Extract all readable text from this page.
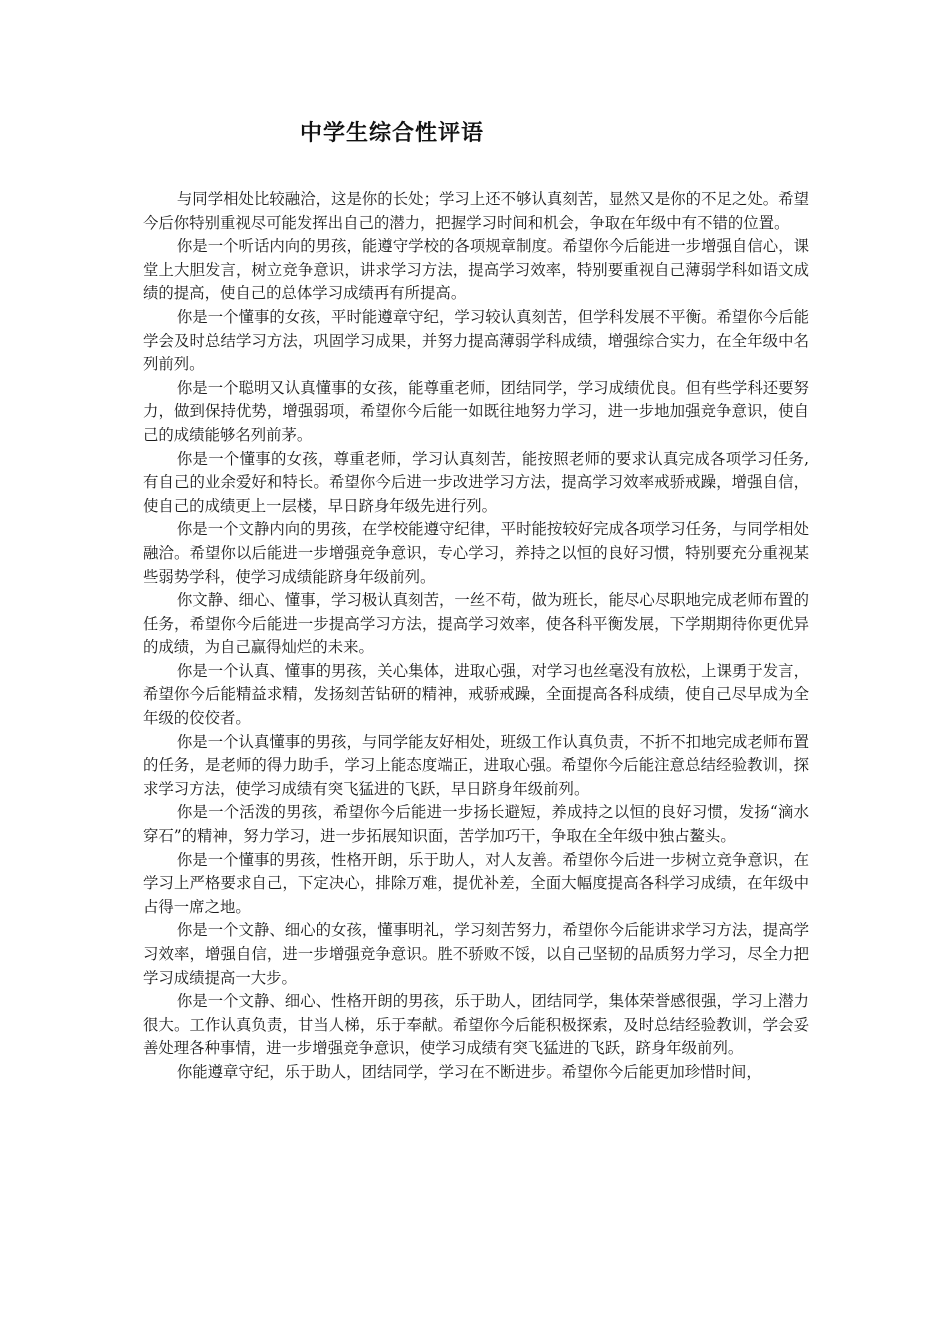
中学生综合性评语

与同学相处比较融洽，这是你的长处；学习上还不够认真刻苦，显然又是你的不足之处。希望今后你特别重视尽可能发挥出自己的潜力，把握学习时间和机会，争取在年级中有不错的位置。

你是一个听话内向的男孩，能遵守学校的各项规章制度。希望你今后能进一步增强自信心，课堂上大胆发言，树立竞争意识，讲求学习方法，提高学习效率，特别要重视自己薄弱学科如语文成绩的提高，使自己的总体学习成绩再有所提高。

你是一个懂事的女孩，平时能遵章守纪，学习较认真刻苦，但学科发展不平衡。希望你今后能学会及时总结学习方法，巩固学习成果，并努力提高薄弱学科成绩，增强综合实力，在全年级中名列前列。

你是一个聪明又认真懂事的女孩，能尊重老师，团结同学，学习成绩优良。但有些学科还要努力，做到保持优势，增强弱项，希望你今后能一如既往地努力学习，进一步地加强竞争意识，使自己的成绩能够名列前茅。

你是一个懂事的女孩，尊重老师，学习认真刻苦，能按照老师的要求认真完成各项学习任务,有自己的业余爱好和特长。希望你今后进一步改进学习方法，提高学习效率戒骄戒躁，增强自信，使自己的成绩更上一层楼，早日跻身年级先进行列。

你是一个文静内向的男孩，在学校能遵守纪律，平时能按较好完成各项学习任务，与同学相处融洽。希望你以后能进一步增强竞争意识，专心学习，养持之以恒的良好习惯，特别要充分重视某些弱势学科，使学习成绩能跻身年级前列。

你文静、细心、懂事，学习极认真刻苦，一丝不苟，做为班长，能尽心尽职地完成老师布置的任务，希望你今后能进一步提高学习方法，提高学习效率，使各科平衡发展，下学期期待你更优异的成绩，为自己赢得灿烂的未来。

你是一个认真、懂事的男孩，关心集体，进取心强，对学习也丝毫没有放松，上课勇于发言，希望你今后能精益求精，发扬刻苦钻研的精神，戒骄戒躁，全面提高各科成绩，使自己尽早成为全年级的佼佼者。

你是一个认真懂事的男孩，与同学能友好相处，班级工作认真负责，不折不扣地完成老师布置的任务，是老师的得力助手，学习上能态度端正，进取心强。希望你今后能注意总结经验教训，探求学习方法，使学习成绩有突飞猛进的飞跃，早日跻身年级前列。

你是一个活泼的男孩，希望你今后能进一步扬长避短，养成持之以恒的良好习惯，发扬“滴水穿石”的精神，努力学习，进一步拓展知识面，苦学加巧干，争取在全年级中独占鳌头。

你是一个懂事的男孩，性格开朗，乐于助人，对人友善。希望你今后进一步树立竞争意识，在学习上严格要求自己，下定决心，排除万难，提优补差，全面大幅度提高各科学习成绩，在年级中占得一席之地。

你是一个文静、细心的女孩，懂事明礼，学习刻苦努力，希望你今后能讲求学习方法，提高学习效率，增强自信，进一步增强竞争意识。胜不骄败不馁，以自己坚韧的品质努力学习，尽全力把学习成绩提高一大步。

你是一个文静、细心、性格开朗的男孩，乐于助人，团结同学，集体荣誉感很强，学习上潜力很大。工作认真负责，甘当人梯，乐于奉献。希望你今后能积极探索，及时总结经验教训，学会妥善处理各种事情，进一步增强竞争意识，使学习成绩有突飞猛进的飞跃，跻身年级前列。

你能遵章守纪，乐于助人，团结同学，学习在不断进步。希望你今后能更加珍惜时间，
